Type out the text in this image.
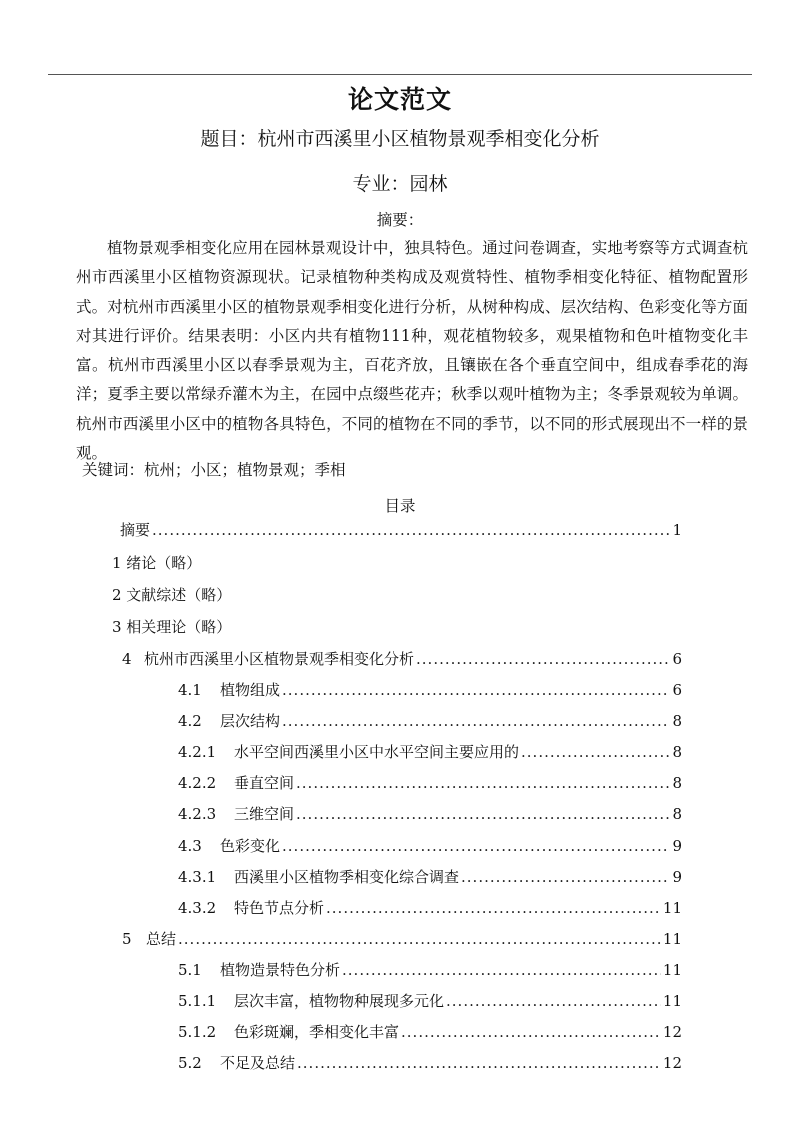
论文范文
题目：杭州市西溪里小区植物景观季相变化分析
专业：园林
摘要：
植物景观季相变化应用在园林景观设计中，独具特色。通过问卷调查，实地考察等方式调查杭州市西溪里小区植物资源现状。记录植物种类构成及观赏特性、植物季相变化特征、植物配置形式。对杭州市西溪里小区的植物景观季相变化进行分析，从树种构成、层次结构、色彩变化等方面对其进行评价。结果表明：小区内共有植物111种，观花植物较多，观果植物和色叶植物变化丰富。杭州市西溪里小区以春季景观为主，百花齐放，且镶嵌在各个垂直空间中，组成春季花的海洋；夏季主要以常绿乔灌木为主，在园中点缀些花卉；秋季以观叶植物为主；冬季景观较为单调。杭州市西溪里小区中的植物各具特色，不同的植物在不同的季节，以不同的形式展现出不一样的景观。
关键词：杭州；小区；植物景观；季相
目录
摘要 .....	1
1 绪论（略）
2 文献综述（略）
3 相关理论（略）
4 杭州市西溪里小区植物景观季相变化分析 .....	6
4.1	植物组成 .....	6
4.2	层次结构 .....	8
4.2.1	水平空间西溪里小区中水平空间主要应用的 .....	8
4.2.2	垂直空间 .....	8
4.2.3	三维空间 .....	8
4.3	色彩变化 .....	9
4.3.1	西溪里小区植物季相变化综合调查 .....	9
4.3.2	特色节点分析 .....	11
5 总结 .....	11
5.1	植物造景特色分析 .....	11
5.1.1	层次丰富，植物物种展现多元化 .....	11
5.1.2	色彩斑斓，季相变化丰富 .....	12
5.2	不足及总结 .....	12
